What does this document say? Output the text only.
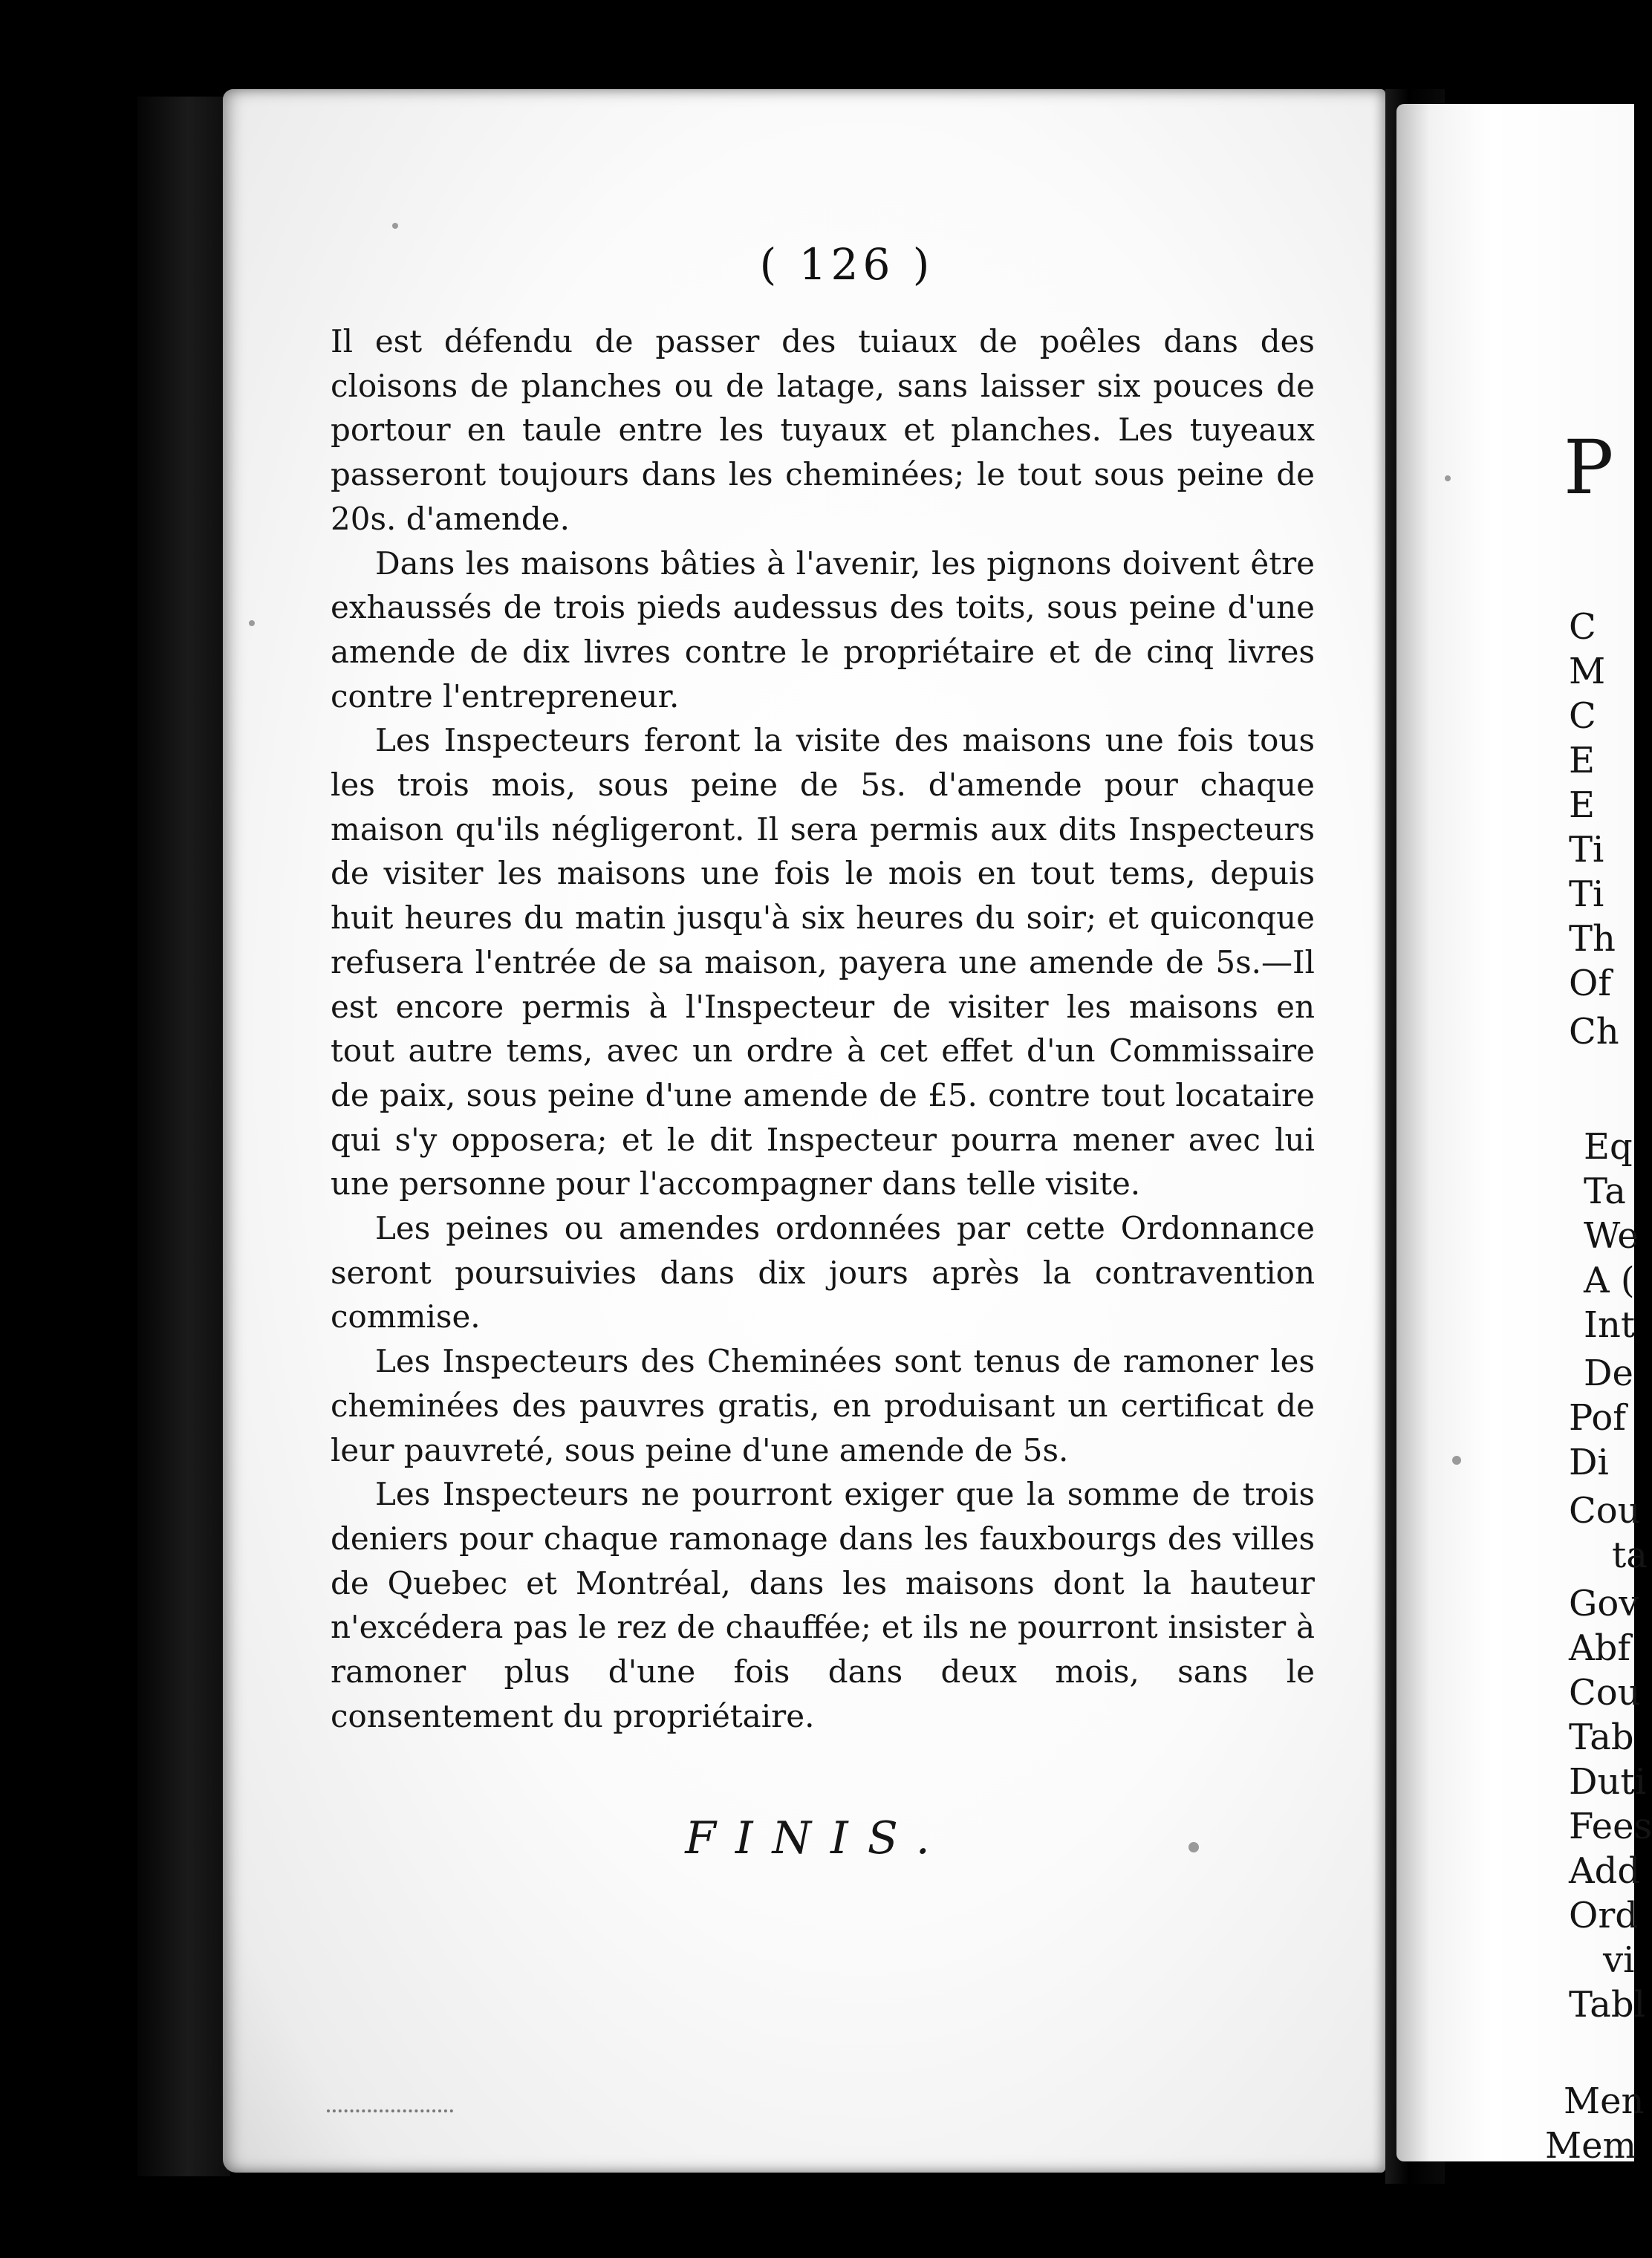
( 126 )

Il est défendu de passer des tuiaux de poêles dans des cloisons de planches ou de latage, sans laisser six pouces de portour en taule entre les tuyaux et planches. Les tuyeaux passeront toujours dans les cheminées; le tout sous peine de 20s. d'amende.

Dans les maisons bâties à l'avenir, les pignons doivent être exhaussés de trois pieds audessus des toits, sous peine d'une amende de dix livres contre le propriétaire et de cinq livres contre l'entrepreneur.

Les Inspecteurs feront la visite des maisons une fois tous les trois mois, sous peine de 5s. d'amende pour chaque maison qu'ils négligeront. Il sera permis aux dits Inspecteurs de visiter les maisons une fois le mois en tout tems, depuis huit heures du matin jusqu'à six heures du soir; et quiconque refusera l'entrée de sa maison, payera une amende de 5s.—Il est encore permis à l'Inspecteur de visiter les maisons en tout autre tems, avec un ordre à cet effet d'un Commissaire de paix, sous peine d'une amende de £5. contre tout locataire qui s'y opposera; et le dit Inspecteur pourra mener avec lui une personne pour l'accompagner dans telle visite.

Les peines ou amendes ordonnées par cette Ordonnance seront poursuivies dans dix jours après la contravention commise.

Les Inspecteurs des Cheminées sont tenus de ramoner les cheminées des pauvres gratis, en produisant un certificat de leur pauvreté, sous peine d'une amende de 5s.

Les Inspecteurs ne pourront exiger que la somme de trois deniers pour chaque ramonage dans les fauxbourgs des villes de Quebec et Montréal, dans les maisons dont la hauteur n'excédera pas le rez de chauffée; et ils ne pourront insister à ramoner plus d'une fois dans deux mois, sans le consentement du propriétaire.

FINIS.
P
C
M
C
E
E
Ti
Ti
Th
Of
Ch
Eq
Ta
We
A (
Int
De
Pof
Di
Cou
ta
Gov
Abf
Cou
Tab
Duti
Fees
Add
Ord
vi
Tabl
Men
Mem
